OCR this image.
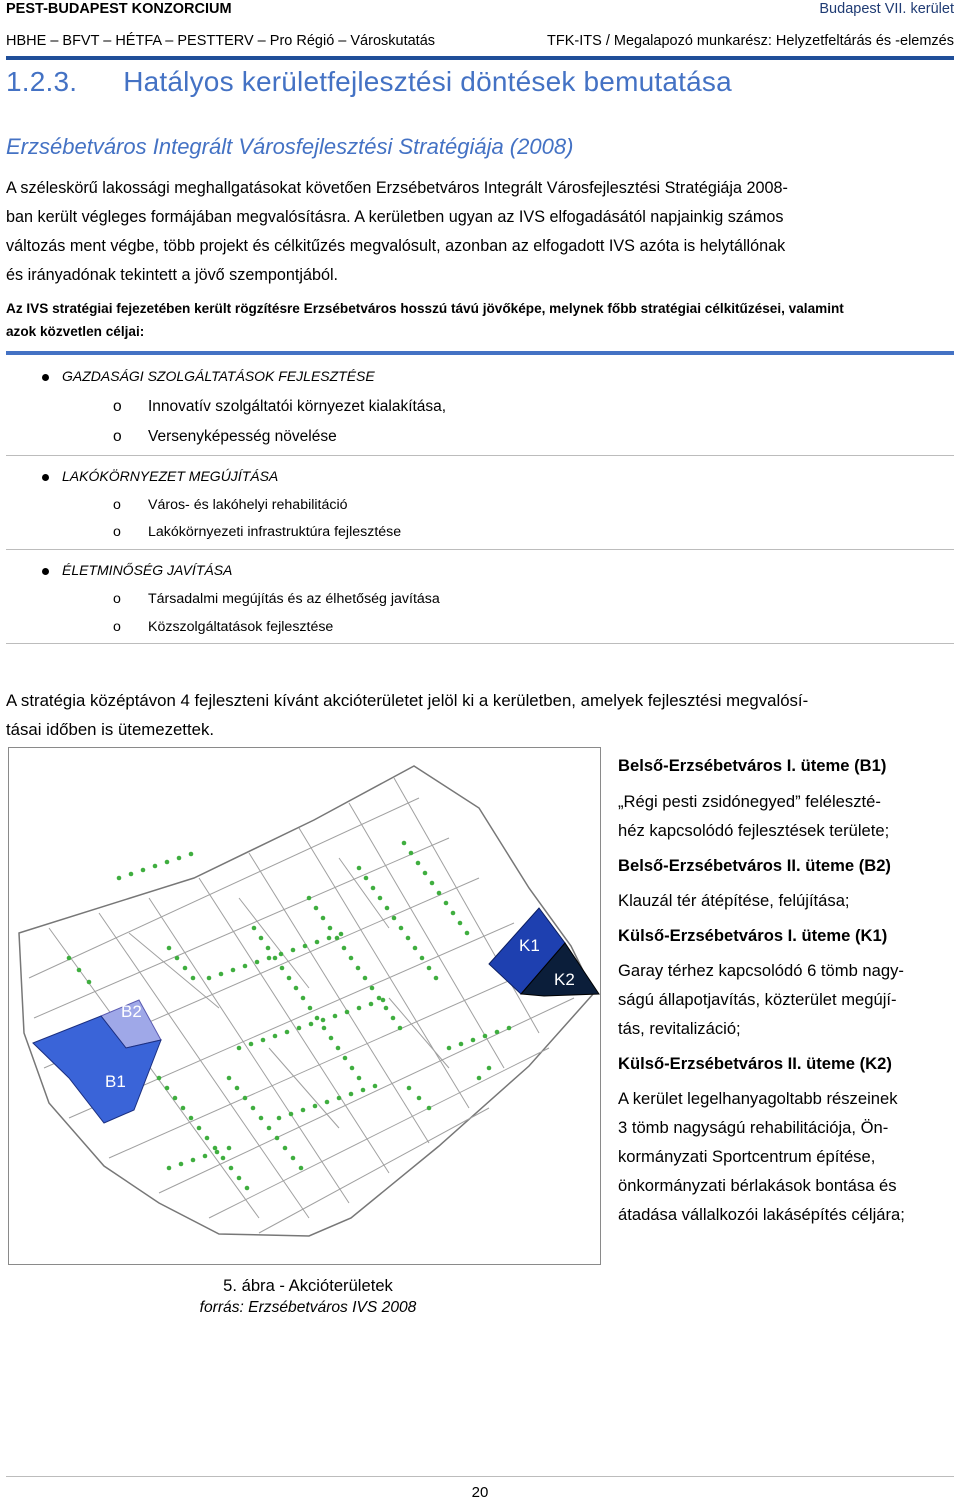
PEST-BUDAPEST KONZORCIUM	Budapest VII. kerület
HBHE – BFVT – HÉTFA – PESTTERV – Pro Régió – Városkutatás	TFK-ITS / Megalapozó munkarész: Helyzetfeltárás és -elemzés
1.2.3. Hatályos kerületfejlesztési döntések bemutatása
Erzsébetváros Integrált Városfejlesztési Stratégiája (2008)
A széleskörű lakossági meghallgatásokat követően Erzsébetváros Integrált Városfejlesztési Stratégiája 2008-
ban került végleges formájában megvalósításra. A kerületben ugyan az IVS elfogadásától napjainkig számos
változás ment végbe, több projekt és célkitűzés megvalósult, azonban az elfogadott IVS azóta is helytállónak
és irányadónak tekintett a jövő szempontjából.
Az IVS stratégiai fejezetében került rögzítésre Erzsébetváros hosszú távú jövőképe, melynek főbb stratégiai célkitűzései, valamint
azok közvetlen céljai:
GAZDASÁGI SZOLGÁLTATÁSOK FEJLESZTÉSE
o Innovatív szolgáltatói környezet kialakítása,
o Versenyképesség növelése
LAKÓKÖRNYEZET MEGÚJÍTÁSA
o Város- és lakóhelyi rehabilitáció
o Lakókörnyezeti infrastruktúra fejlesztése
ÉLETMINŐSÉG JAVÍTÁSA
o Társadalmi megújítás és az élhetőség javítása
o Közszolgáltatások fejlesztése
A stratégia középtávon 4 fejleszteni kívánt akcióterületet jelöl ki a kerületben, amelyek fejlesztési megvalósí-
tásai időben is ütemezettek.
B2
B1
K1
K2

Belső-Erzsébetváros I. üteme (B1)

„Régi pesti zsidónegyed” feléleszté-

héz kapcsolódó fejlesztések területe;

Belső-Erzsébetváros II. üteme (B2)

Klauzál tér átépítése, felújítása;

Külső-Erzsébetváros I. üteme (K1)

Garay térhez kapcsolódó 6 tömb nagy-

ságú állapotjavítás, közterület megújí-

tás, revitalizáció;

Külső-Erzsébetváros II. üteme (K2)

A kerület legelhanyagoltabb részeinek

3 tömb nagyságú rehabilitációja, Ön-

kormányzati Sportcentrum építése,

önkormányzati bérlakások bontása és

átadása vállalkozói lakásépítés céljára;

5. ábra - Akcióterületek
forrás: Erzsébetváros IVS 2008
20
